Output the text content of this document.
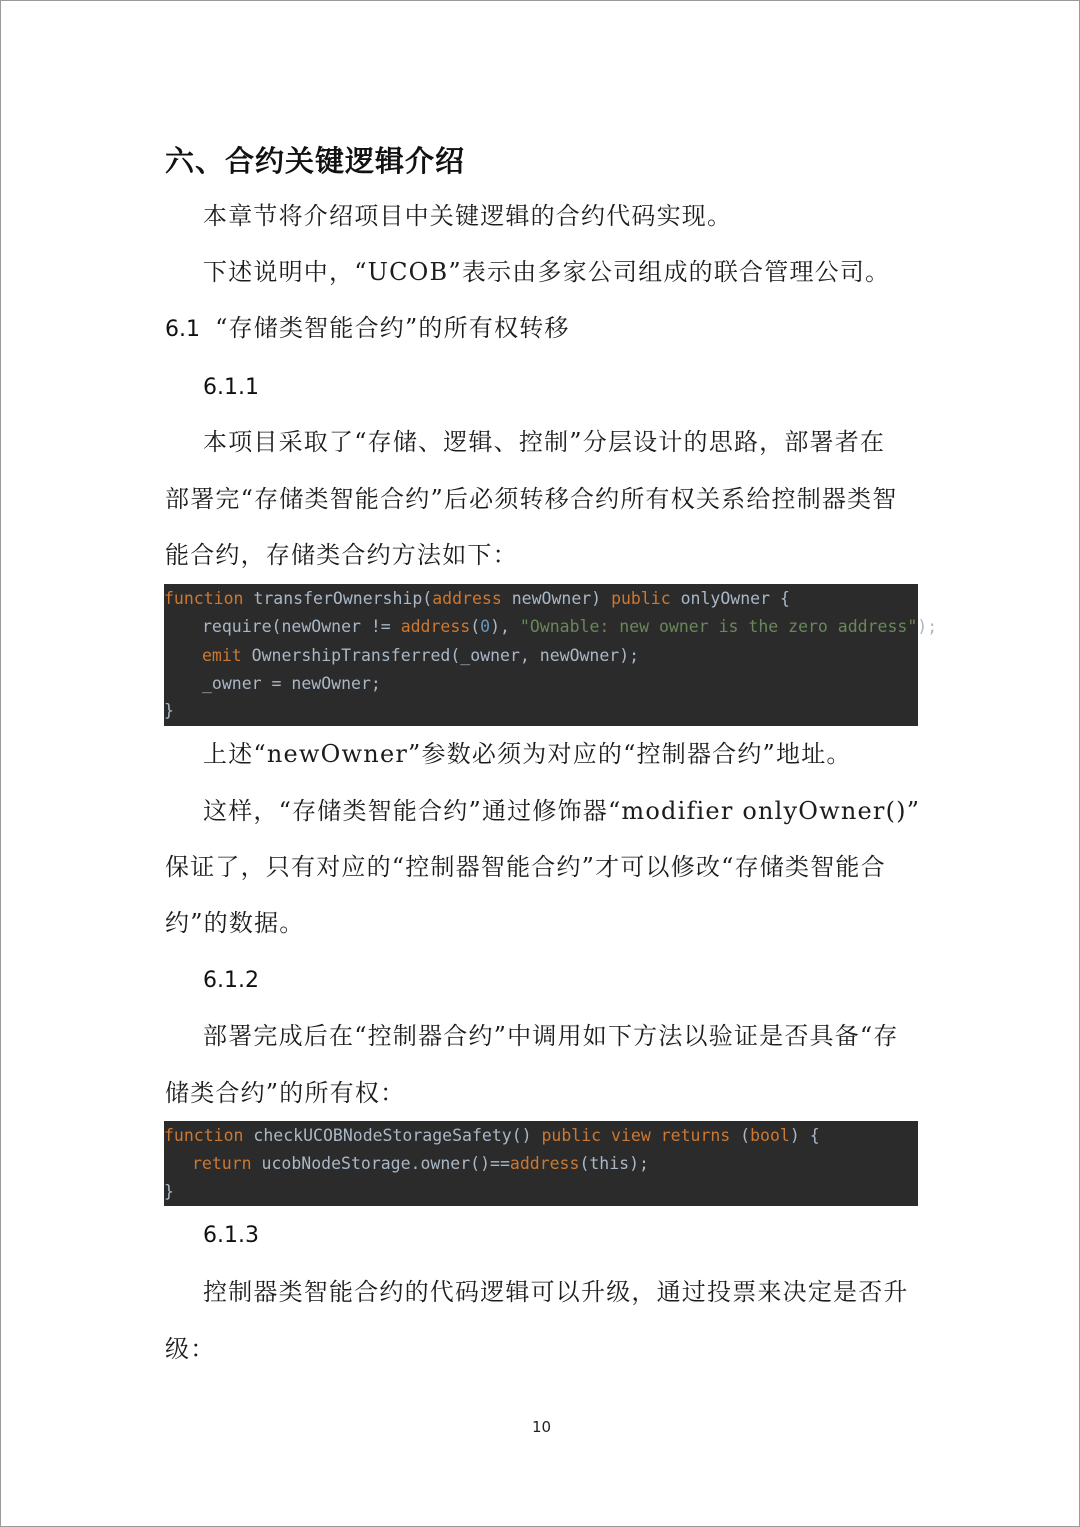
六、合约关键逻辑介绍
本章节将介绍项目中关键逻辑的合约代码实现。
下述说明中，“UCOB”表示由多家公司组成的联合管理公司。
6.1 “存储类智能合约”的所有权转移
6.1.1
本项目采取了“存储、逻辑、控制”分层设计的思路，部署者在
部署完“存储类智能合约”后必须转移合约所有权关系给控制器类智
能合约，存储类合约方法如下：
function transferOwnership(address newOwner) public onlyOwner {
require(newOwner != address(0), "Ownable: new owner is the zero address");
emit OwnershipTransferred(_owner, newOwner);
_owner = newOwner;
}
上述“newOwner”参数必须为对应的“控制器合约”地址。
这样，“存储类智能合约”通过修饰器“modifier onlyOwner()”
保证了，只有对应的“控制器智能合约”才可以修改“存储类智能合
约”的数据。
6.1.2
部署完成后在“控制器合约”中调用如下方法以验证是否具备“存
储类合约”的所有权：
function checkUCOBNodeStorageSafety() public view returns (bool) {
return ucobNodeStorage.owner()==address(this);
}
6.1.3
控制器类智能合约的代码逻辑可以升级，通过投票来决定是否升
级：
10
